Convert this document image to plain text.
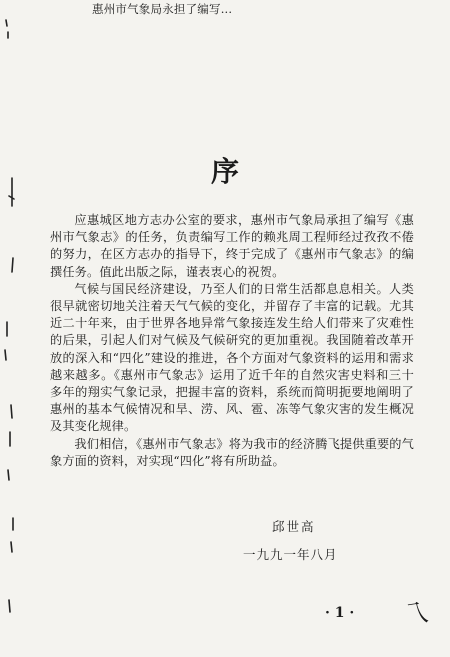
惠州市气象局永担了编写...
序

应惠城区地方志办公室的要求，惠州市气象局承担了编写《惠州市气象志》的任务，负责编写工作的赖兆周工程师经过孜孜不倦的努力，在区方志办的指导下，终于完成了《惠州市气象志》的编撰任务。值此出版之际，谨表衷心的祝贺。

气候与国民经济建设，乃至人们的日常生活都息息相关。人类很早就密切地关注着天气气候的变化，并留存了丰富的记载。尤其近二十年来，由于世界各地异常气象接连发生给人们带来了灾难性的后果，引起人们对气候及气候研究的更加重视。我国随着改革开放的深入和“四化”建设的推进，各个方面对气象资料的运用和需求越来越多。《惠州市气象志》运用了近千年的自然灾害史料和三十多年的翔实气象记录，把握丰富的资料，系统而简明扼要地阐明了惠州的基本气候情况和旱、涝、风、雹、冻等气象灾害的发生概况及其变化规律。

我们相信，《惠州市气象志》将为我市的经济腾飞提供重要的气象方面的资料，对实现“四化”将有所助益。

邱世高
一九九一年八月
· 1 · 乁
